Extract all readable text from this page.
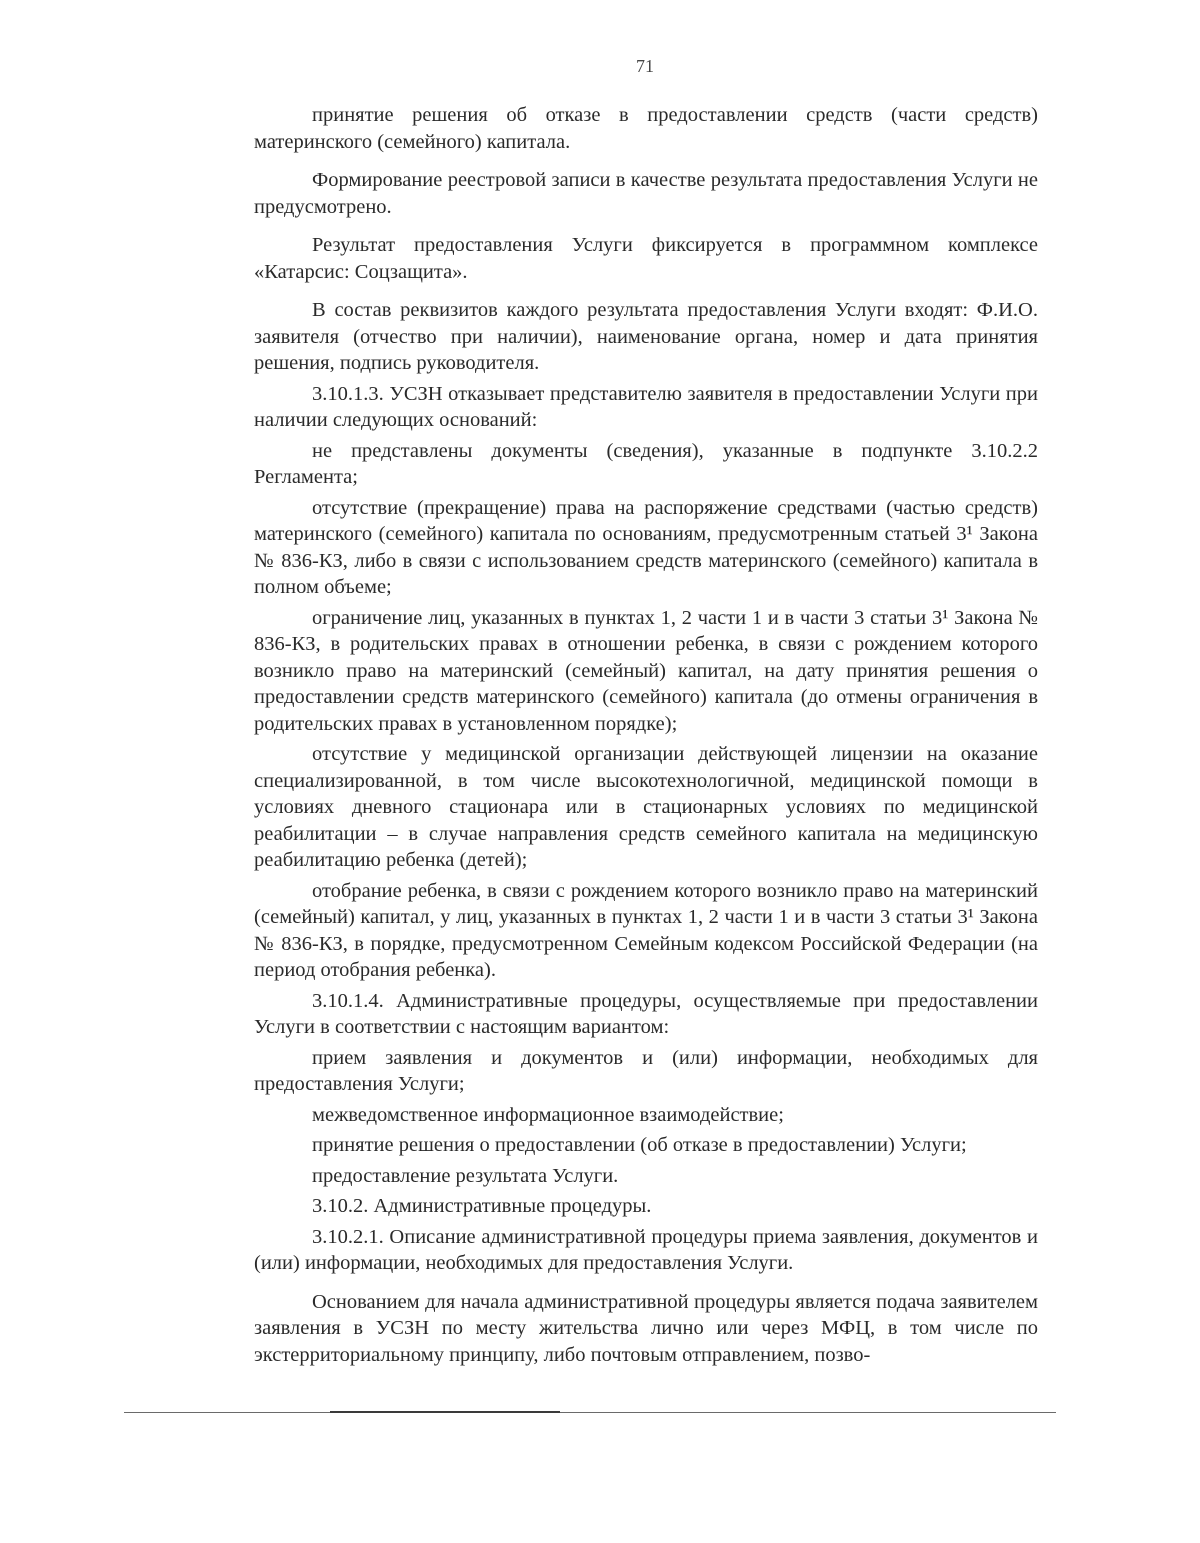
71

принятие решения об отказе в предоставлении средств (части средств) материнского (семейного) капитала.

Формирование реестровой записи в качестве результата предоставления Услуги не предусмотрено.

Результат предоставления Услуги фиксируется в программном комплексе «Катарсис: Соцзащита».

В состав реквизитов каждого результата предоставления Услуги входят: Ф.И.О. заявителя (отчество при наличии), наименование органа, номер и дата принятия решения, подпись руководителя.

3.10.1.3. УСЗН отказывает представителю заявителя в предоставлении Услуги при наличии следующих оснований:

не представлены документы (сведения), указанные в подпункте 3.10.2.2 Регламента;

отсутствие (прекращение) права на распоряжение средствами (частью средств) материнского (семейного) капитала по основаниям, предусмотренным статьей 3¹ Закона № 836-КЗ, либо в связи с использованием средств материнского (семейного) капитала в полном объеме;

ограничение лиц, указанных в пунктах 1, 2 части 1 и в части 3 статьи 3¹ Закона № 836-КЗ, в родительских правах в отношении ребенка, в связи с рождением которого возникло право на материнский (семейный) капитал, на дату принятия решения о предоставлении средств материнского (семейного) капитала (до отмены ограничения в родительских правах в установленном порядке);

отсутствие у медицинской организации действующей лицензии на оказание специализированной, в том числе высокотехнологичной, медицинской помощи в условиях дневного стационара или в стационарных условиях по медицинской реабилитации – в случае направления средств семейного капитала на медицинскую реабилитацию ребенка (детей);

отобрание ребенка, в связи с рождением которого возникло право на материнский (семейный) капитал, у лиц, указанных в пунктах 1, 2 части 1 и в части 3 статьи 3¹ Закона № 836-КЗ, в порядке, предусмотренном Семейным кодексом Российской Федерации (на период отобрания ребенка).

3.10.1.4. Административные процедуры, осуществляемые при предоставлении Услуги в соответствии с настоящим вариантом:

прием заявления и документов и (или) информации, необходимых для предоставления Услуги;

межведомственное информационное взаимодействие;

принятие решения о предоставлении (об отказе в предоставлении) Услуги;

предоставление результата Услуги.

3.10.2. Административные процедуры.

3.10.2.1. Описание административной процедуры приема заявления, документов и (или) информации, необходимых для предоставления Услуги.

Основанием для начала административной процедуры является подача заявителем заявления в УСЗН по месту жительства лично или через МФЦ, в том числе по экстерриториальному принципу, либо почтовым отправлением, позво-
